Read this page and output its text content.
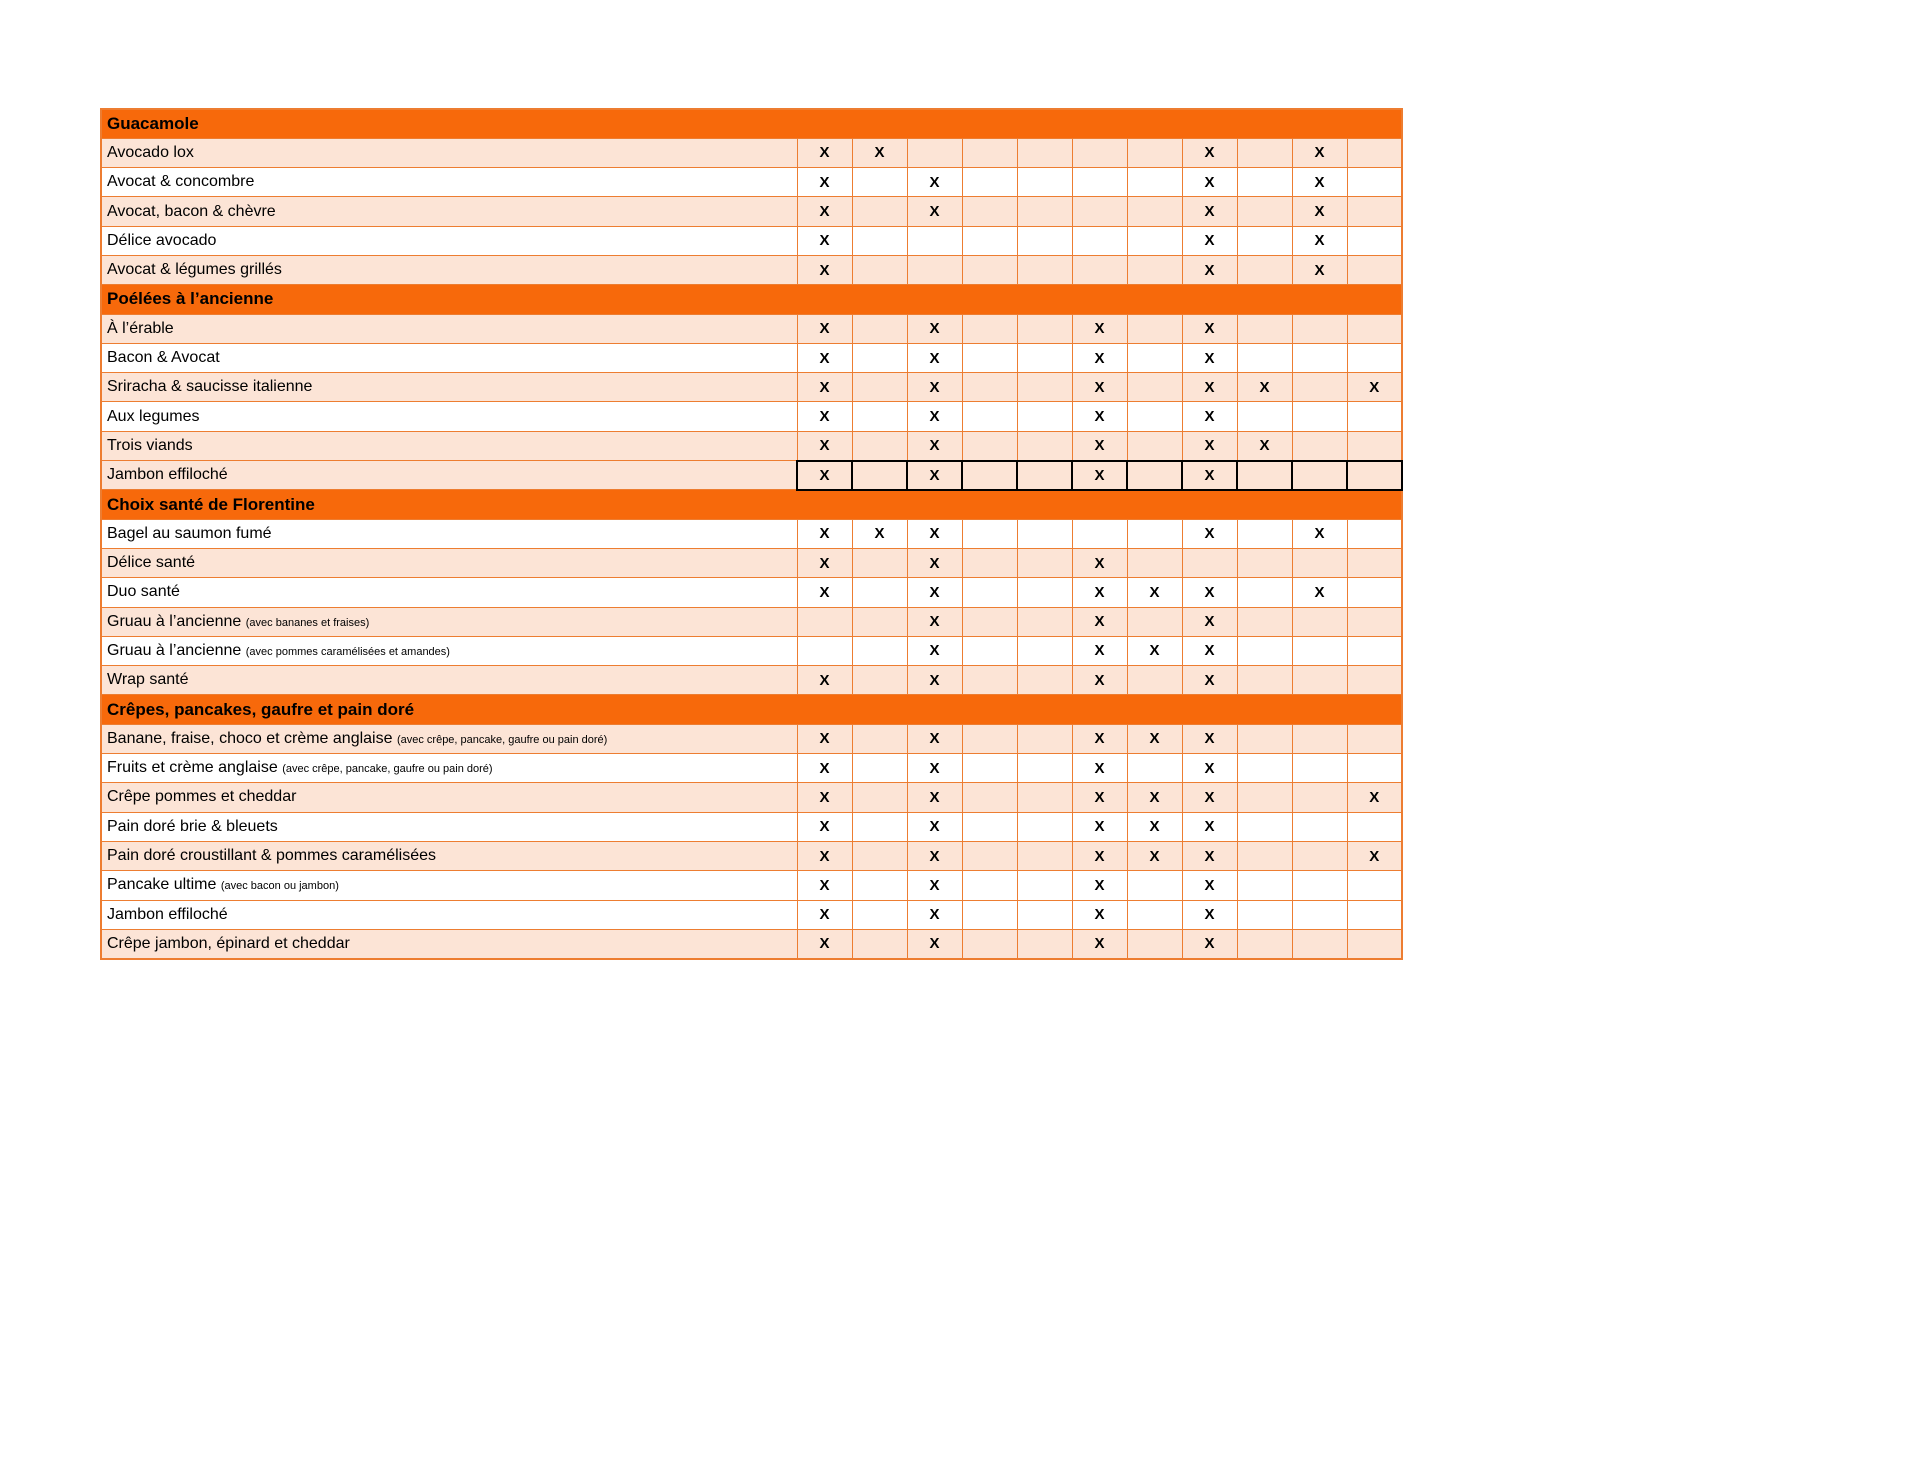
Guacamole											
Avocado lox	X	X						X		X	
Avocat & concombre	X		X					X		X	
Avocat, bacon & chèvre	X		X					X		X	
Délice avocado	X							X		X	
Avocat & légumes grillés	X							X		X	
Poélées à l’ancienne											
À l’érable	X		X			X		X			
Bacon & Avocat	X		X			X		X			
Sriracha & saucisse italienne	X		X			X		X	X		X
Aux legumes	X		X			X		X			
Trois viands	X		X			X		X	X		
Jambon effiloché	X		X			X		X			
Choix santé de Florentine											
Bagel au saumon fumé	X	X	X					X		X	
Délice santé	X		X			X					
Duo santé	X		X			X	X	X		X	
Gruau à l’ancienne (avec bananes et fraises)			X			X		X			
Gruau à l’ancienne (avec pommes caramélisées et amandes)			X			X	X	X			
Wrap santé	X		X			X		X			
Crêpes, pancakes, gaufre et pain doré											
Banane, fraise, choco et crème anglaise (avec crêpe, pancake, gaufre ou pain doré)	X		X			X	X	X			
Fruits et crème anglaise (avec crêpe, pancake, gaufre ou pain doré)	X		X			X		X			
Crêpe pommes et cheddar	X		X			X	X	X			X
Pain doré brie & bleuets	X		X			X	X	X			
Pain doré croustillant & pommes caramélisées	X		X			X	X	X			X
Pancake ultime (avec bacon ou jambon)	X		X			X		X			
Jambon effiloché	X		X			X		X			
Crêpe jambon, épinard et cheddar	X		X			X		X			
